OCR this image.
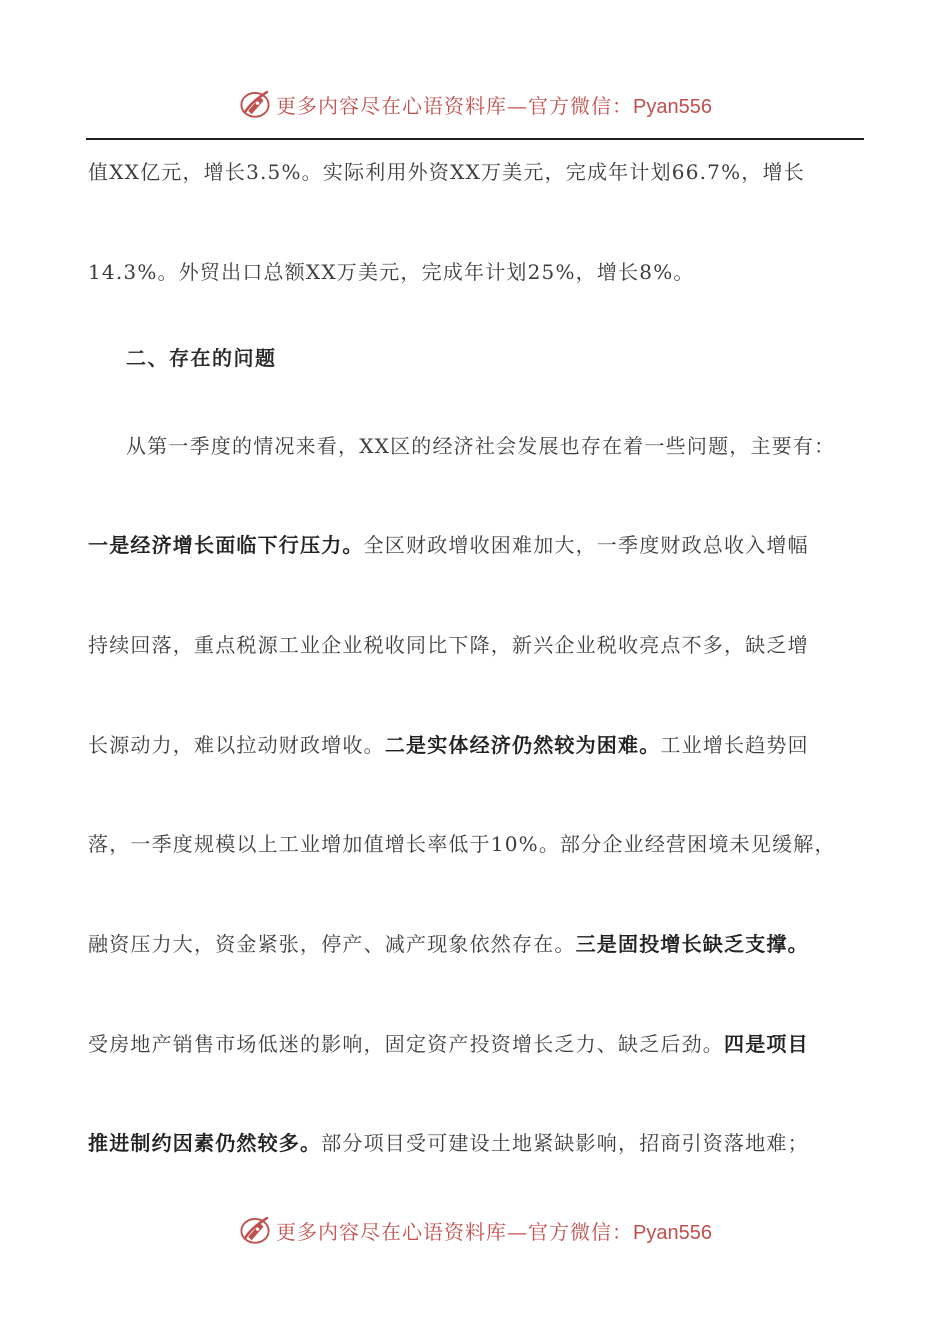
更多内容尽在心语资料库 — 官方微信： Pyan556
值XX亿元，增长3.5%。实际利用外资XX万美元，完成年计划66.7%，增长
14.3%。外贸出口总额XX万美元，完成年计划25%，增长8%。
二、存在的问题
从第一季度的情况来看，XX区的经济社会发展也存在着一些问题，主要有：
一是经济增长面临下行压力。全区财政增收困难加大，一季度财政总收入增幅
持续回落，重点税源工业企业税收同比下降，新兴企业税收亮点不多，缺乏增
长源动力，难以拉动财政增收。二是实体经济仍然较为困难。工业增长趋势回
落，一季度规模以上工业增加值增长率低于10%。部分企业经营困境未见缓解，
融资压力大，资金紧张，停产、减产现象依然存在。三是固投增长缺乏支撑。
受房地产销售市场低迷的影响，固定资产投资增长乏力、缺乏后劲。四是项目
推进制约因素仍然较多。部分项目受可建设土地紧缺影响，招商引资落地难；
更多内容尽在心语资料库 — 官方微信： Pyan556
